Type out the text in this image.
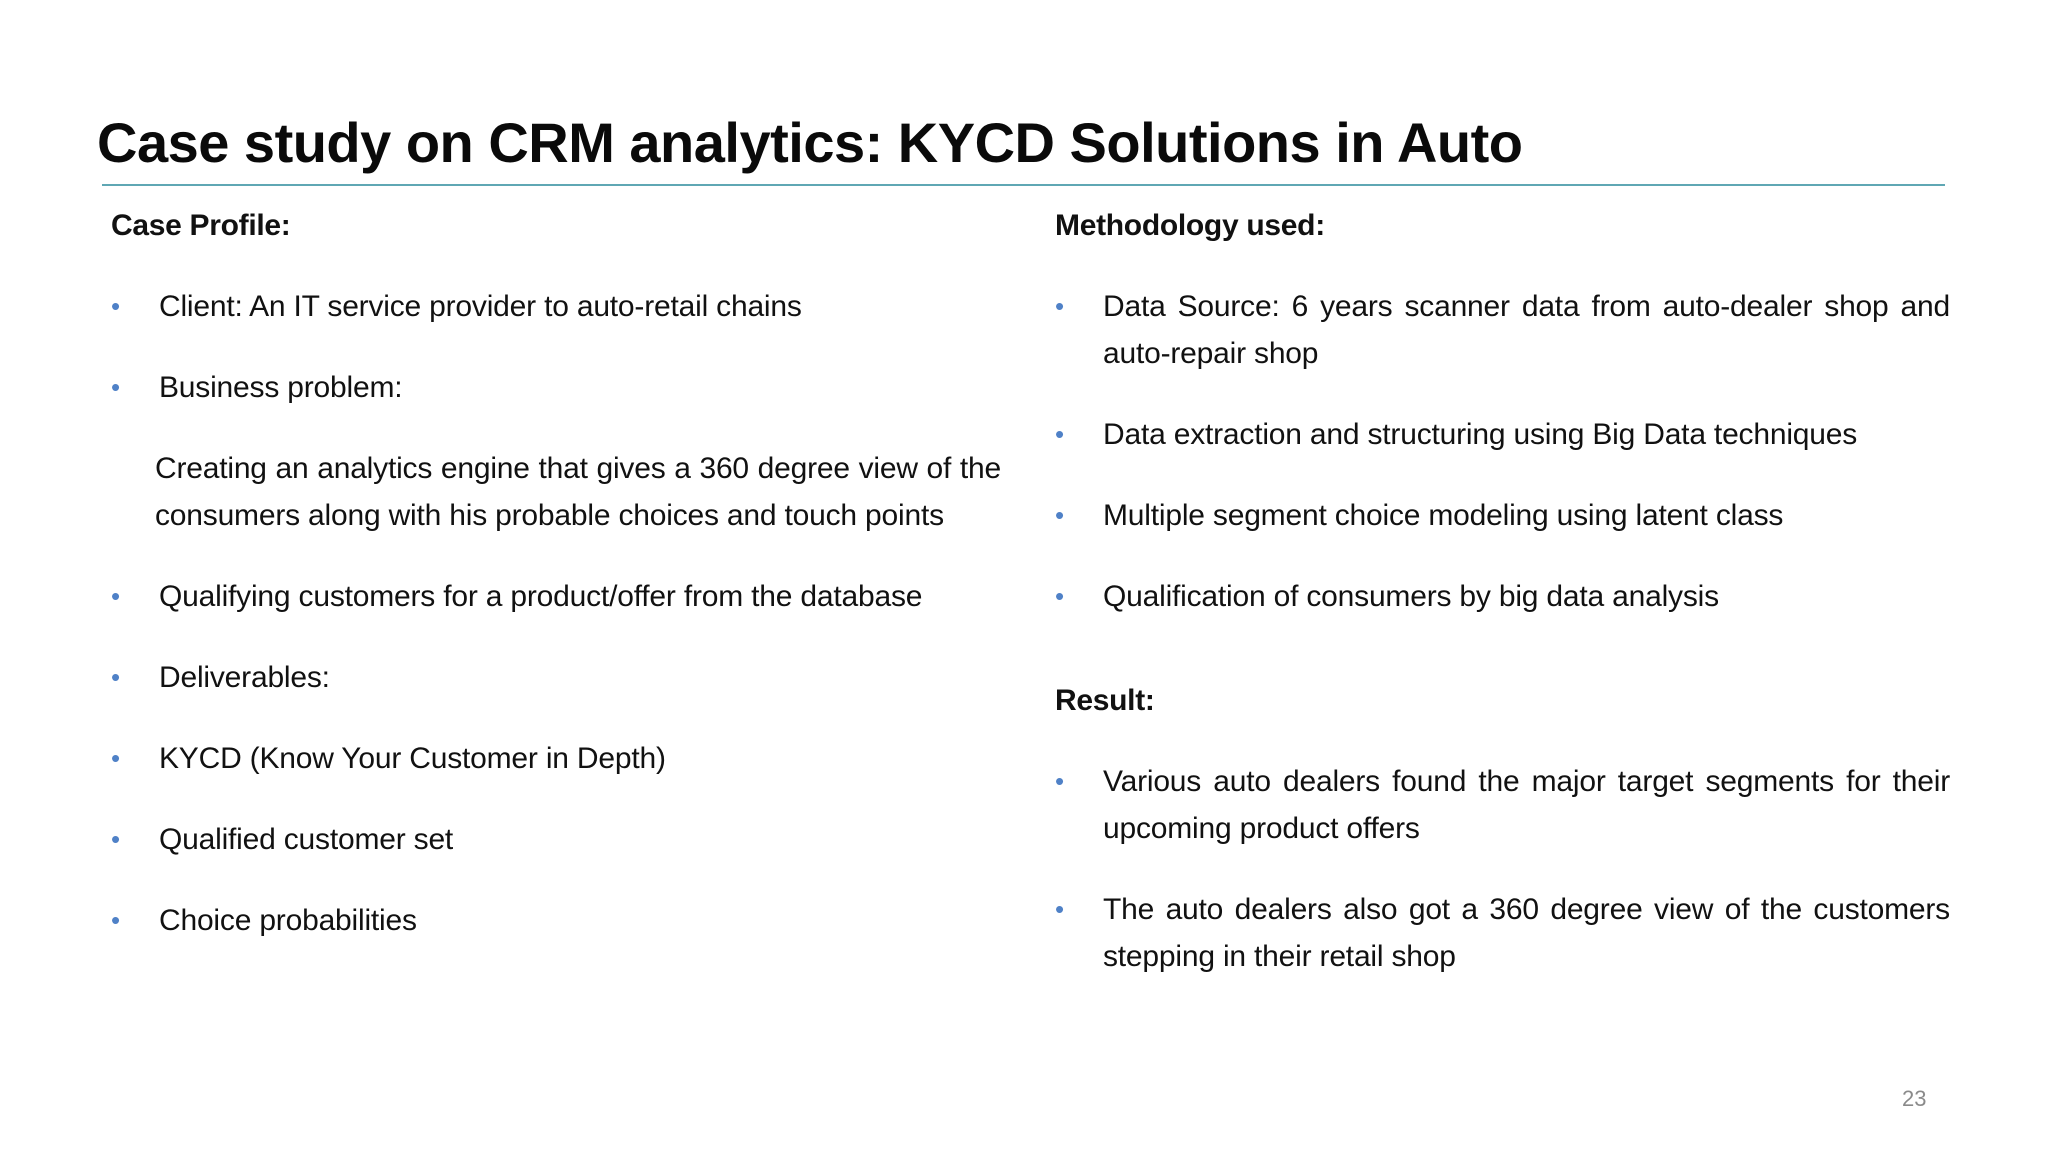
Case study on CRM analytics: KYCD Solutions in Auto

Case Profile:

•	Client: An IT service provider to auto-retail chains

•	Business problem:

Creating an analytics engine that gives a 360 degree view of the consumers along with his probable choices and touch points

•	Qualifying customers for a product/offer from the database

•	Deliverables:

•	KYCD (Know Your Customer in Depth)

•	Qualified customer set

•	Choice probabilities

Methodology used:

•	Data Source: 6 years scanner data from auto-dealer shop and auto-repair shop

•	Data extraction and structuring using Big Data techniques

•	Multiple segment choice modeling using latent class

•	Qualification of consumers by big data analysis

Result:

•	Various auto dealers found the major target segments for their upcoming product offers

•	The auto dealers also got a 360 degree view of the customers stepping in their retail shop

23
